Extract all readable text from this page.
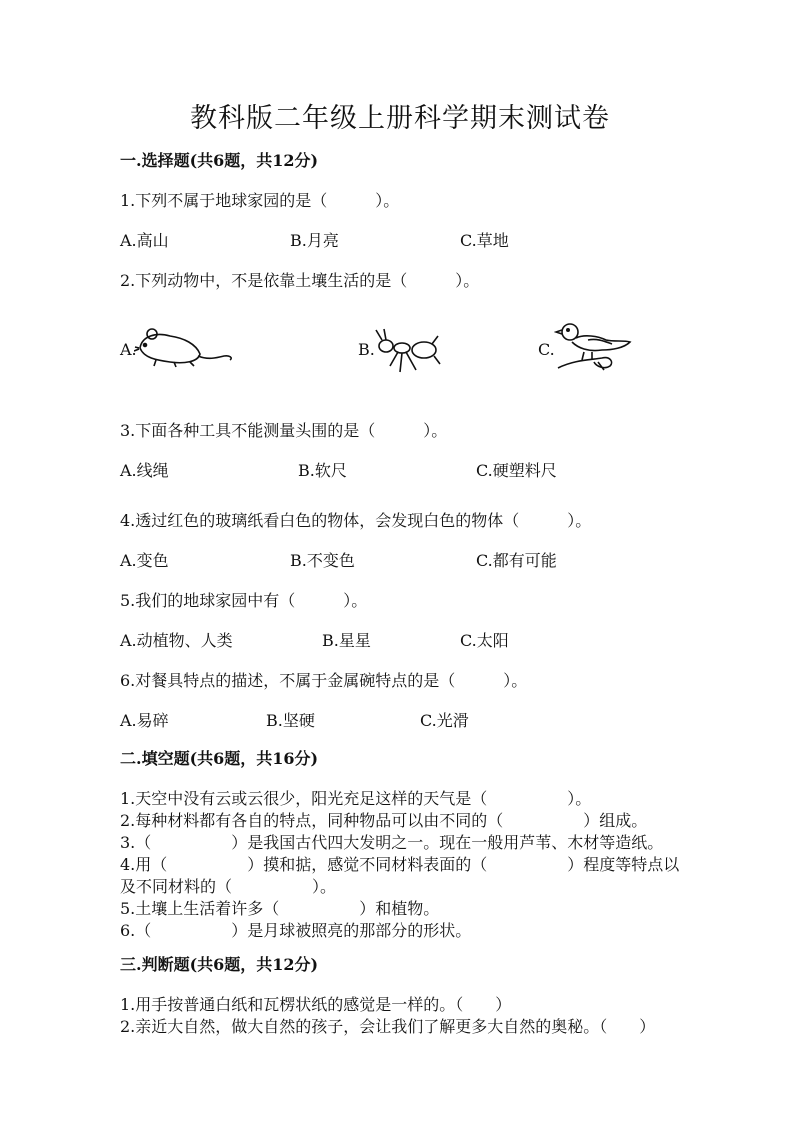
教科版二年级上册科学期末测试卷
一.选择题(共6题，共12分)
1.下列不属于地球家园的是（　　　）。
A.高山	B.月亮	C.草地
2.下列动物中，不是依靠土壤生活的是（　　　）。
A.	B.	C.
3.下面各种工具不能测量头围的是（　　　）。
A.线绳	B.软尺	C.硬塑料尺
4.透过红色的玻璃纸看白色的物体，会发现白色的物体（　　　）。
A.变色	B.不变色	C.都有可能
5.我们的地球家园中有（　　　）。
A.动植物、人类	B.星星	C.太阳
6.对餐具特点的描述，不属于金属碗特点的是（　　　）。
A.易碎	B.坚硬	C.光滑
二.填空题(共6题，共16分)
1.天空中没有云或云很少，阳光充足这样的天气是（　　　　　）。
2.每种材料都有各自的特点，同种物品可以由不同的（　　　　　）组成。
3.（　　　　　）是我国古代四大发明之一。现在一般用芦苇、木材等造纸。
4.用（　　　　　）摸和掂，感觉不同材料表面的（　　　　　）程度等特点以
及不同材料的（　　　　　）。
5.土壤上生活着许多（　　　　　）和植物。
6.（　　　　　）是月球被照亮的那部分的形状。
三.判断题(共6题，共12分)
1.用手按普通白纸和瓦楞状纸的感觉是一样的。（　　）
2.亲近大自然，做大自然的孩子，会让我们了解更多大自然的奥秘。（　　）
